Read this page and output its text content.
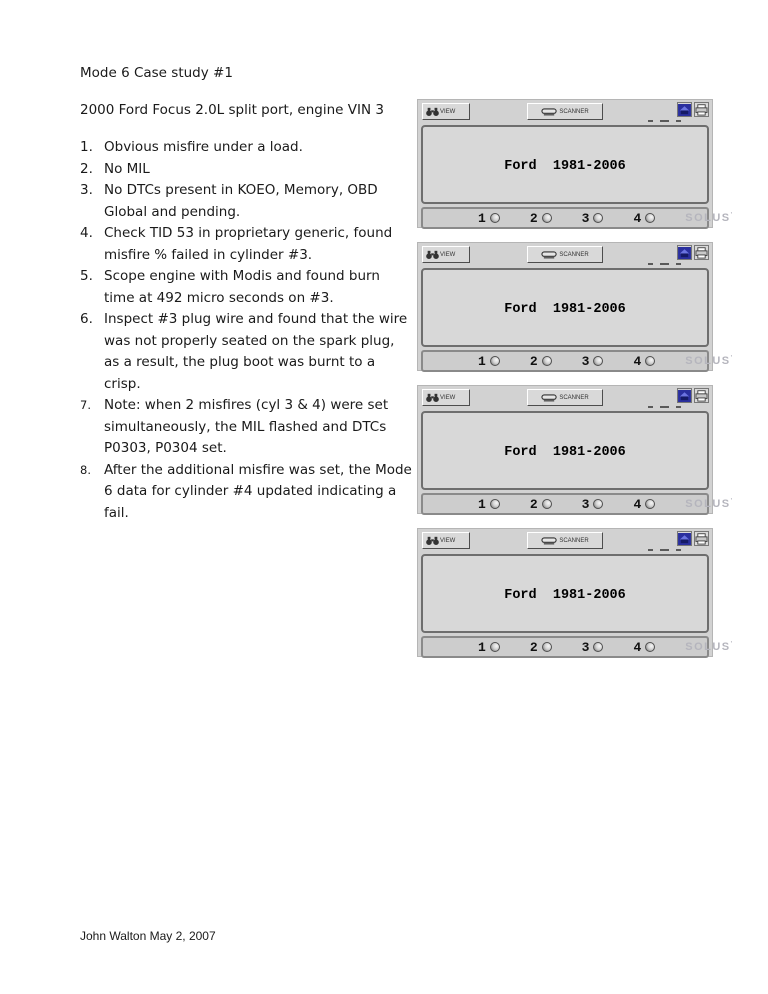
Mode 6 Case study #1

2000 Ford Focus 2.0L split port, engine VIN 3

1. Obvious misfire under a load.
2. No MIL
3. No DTCs present in KOEO, Memory, OBD Global and pending.
4. Check TID 53 in proprietary generic, found misfire % failed in cylinder #3.
5. Scope engine with Modis and found burn time at 492 micro seconds on #3.
6. Inspect #3 plug wire and found that the wire was not properly seated on the spark plug, as a result, the plug boot was burnt to a crisp.
7. Note: when 2 misfires (cyl 3 & 4) were set simultaneously, the MIL flashed and DTCs P0303, P0304 set.
8. After the additional misfire was set, the Mode 6 data for cylinder #4 updated indicating a fail.
VIEW	SCANNER

Ford  1981-2006

1	2	3	4	SOLUS'
VIEW	SCANNER

Ford  1981-2006

1	2	3	4	SOLUS'
VIEW	SCANNER

Ford  1981-2006

1	2	3	4	SOLUS'
VIEW	SCANNER

Ford  1981-2006

1	2	3	4	SOLUS'
John Walton May 2, 2007
